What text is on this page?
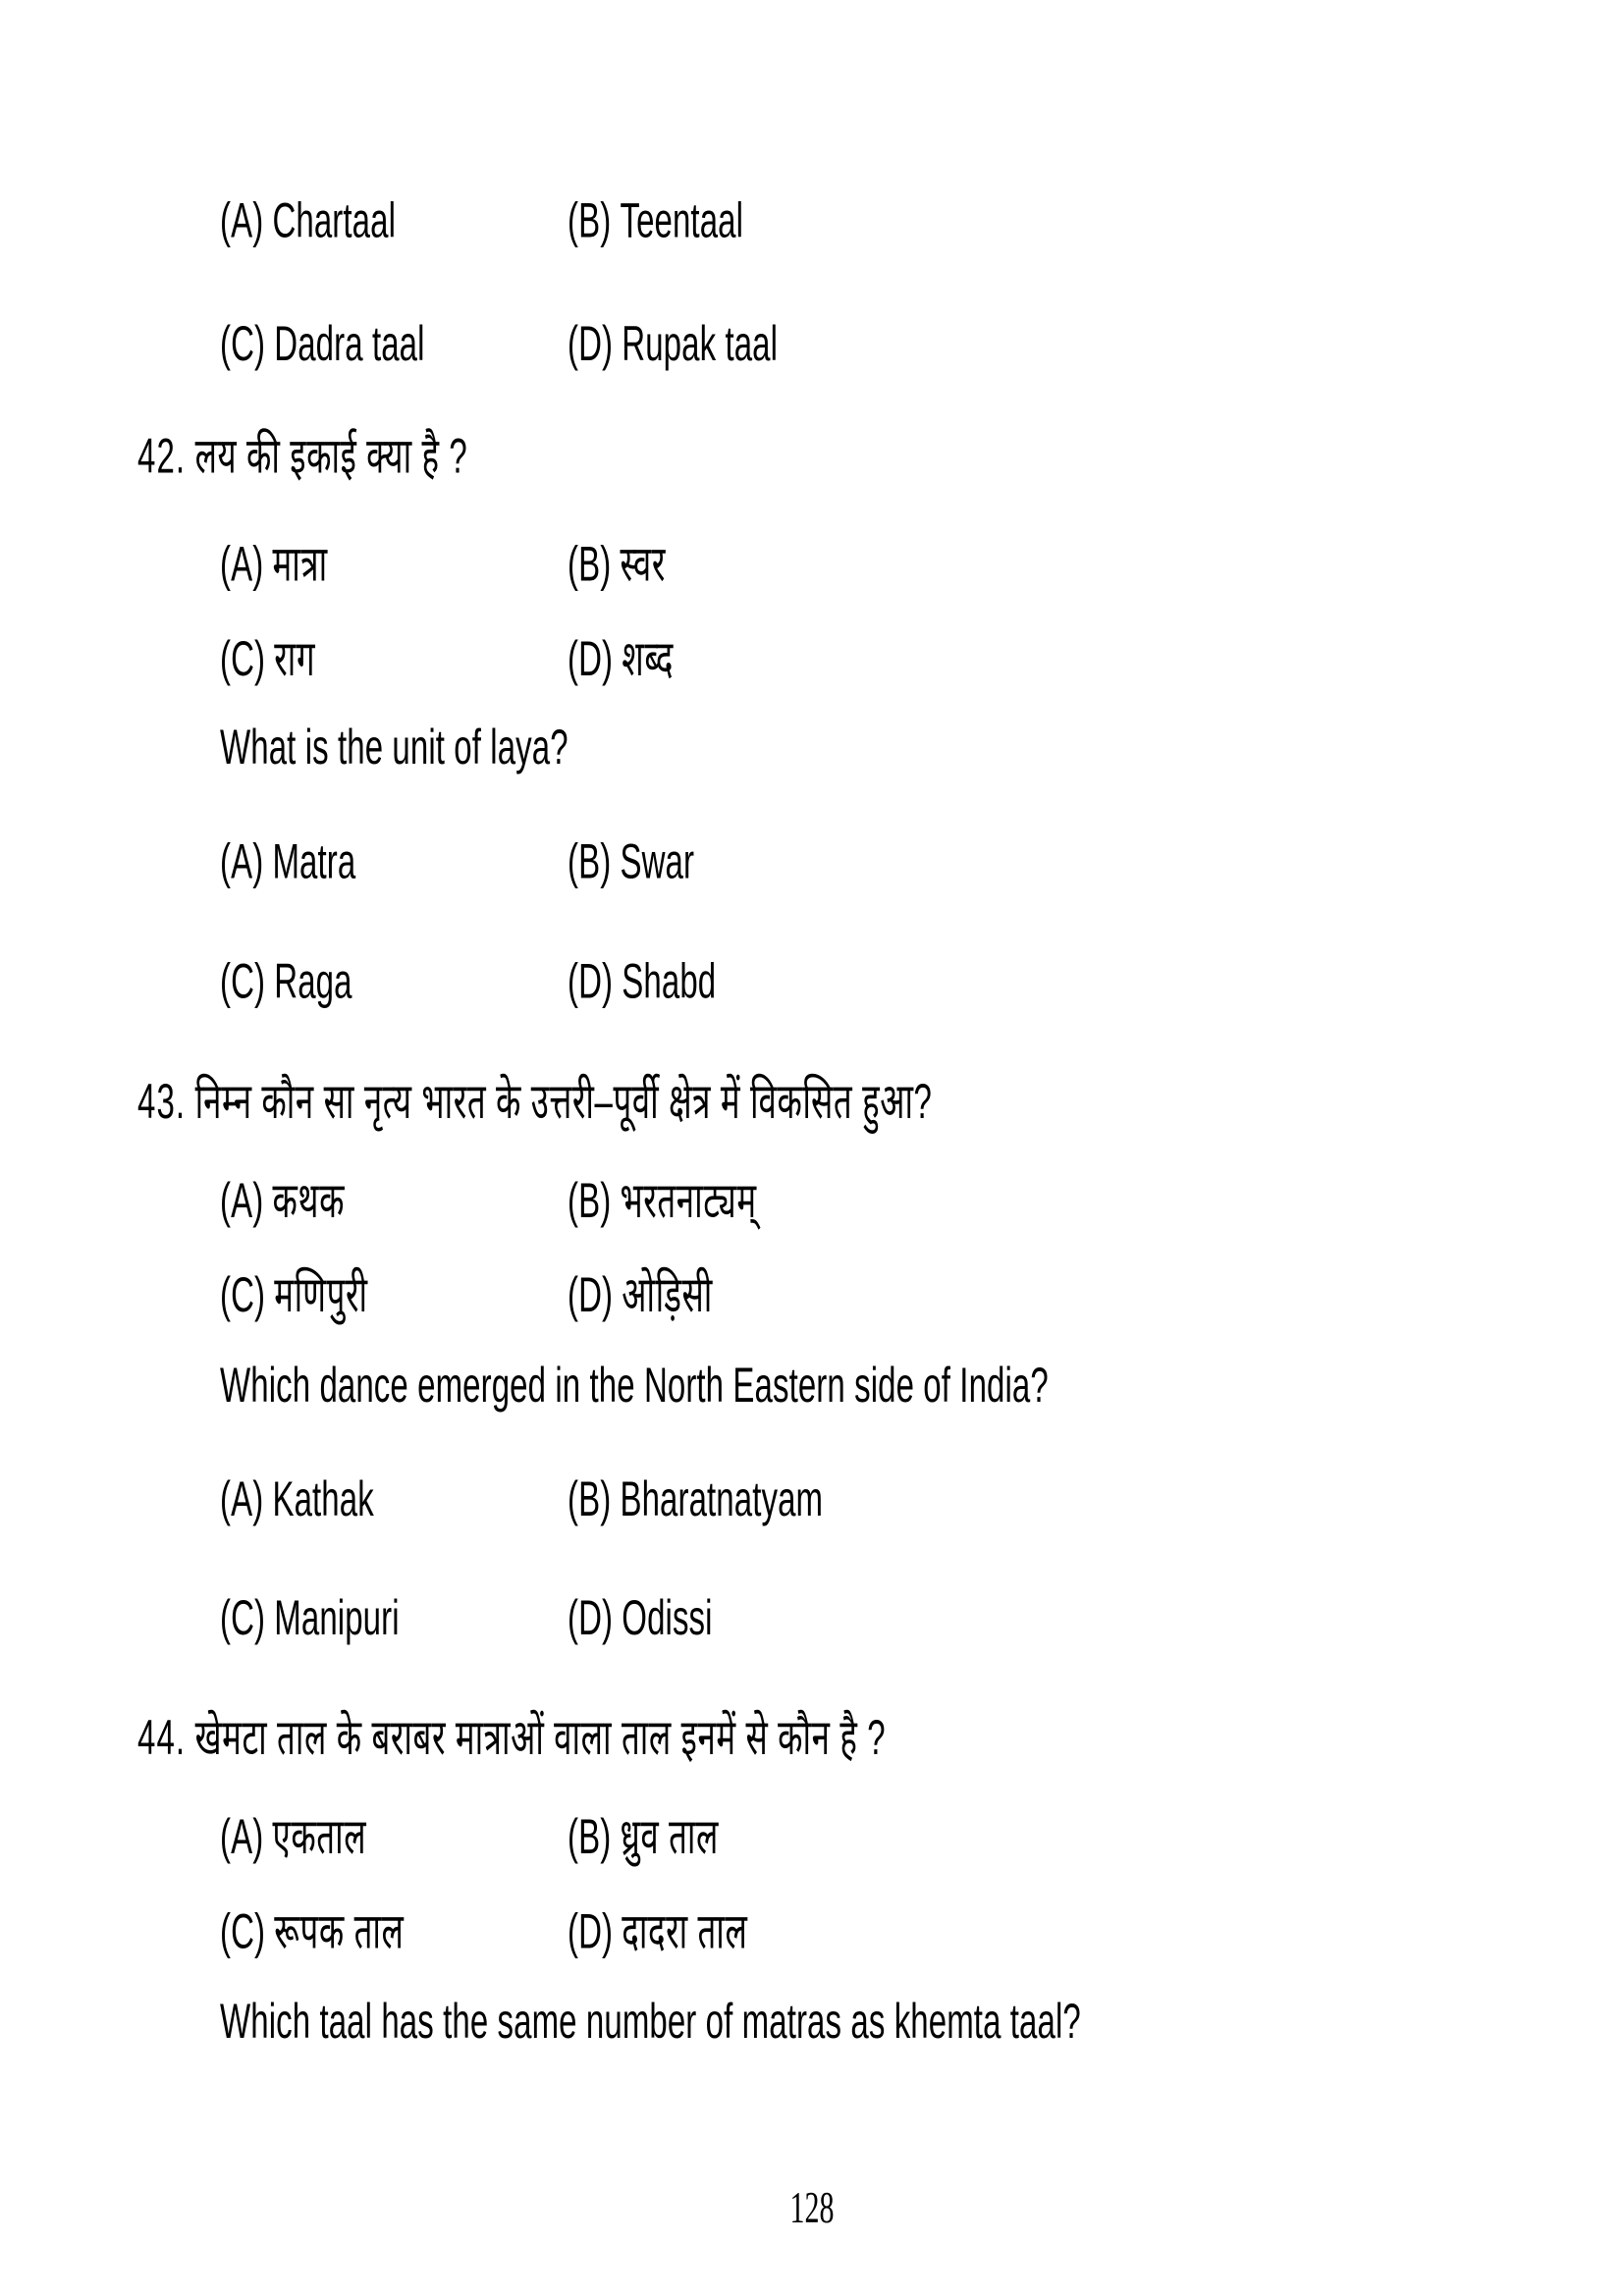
(A) Chartaal	(B) Teentaal
(C) Dadra taal	(D) Rupak taal
42. लय की इकाई क्या है ?
(A) मात्रा	(B) स्वर
(C) राग	(D) शब्द
What is the unit of laya?
(A) Matra	(B) Swar
(C) Raga	(D) Shabd
43. निम्न कौन सा नृत्य भारत के उत्तरी–पूर्वी क्षेत्र में विकसित हुआ?
(A) कथक	(B) भरतनाट्यम्
(C) मणिपुरी	(D) ओड़िसी
Which dance emerged in the North Eastern side of India?
(A) Kathak	(B) Bharatnatyam
(C) Manipuri	(D) Odissi
44. खेमटा ताल के बराबर मात्राओं वाला ताल इनमें से कौन है ?
(A) एकताल	(B) ध्रुव ताल
(C) रूपक ताल	(D) दादरा ताल
Which taal has the same number of matras as khemta taal?
128
